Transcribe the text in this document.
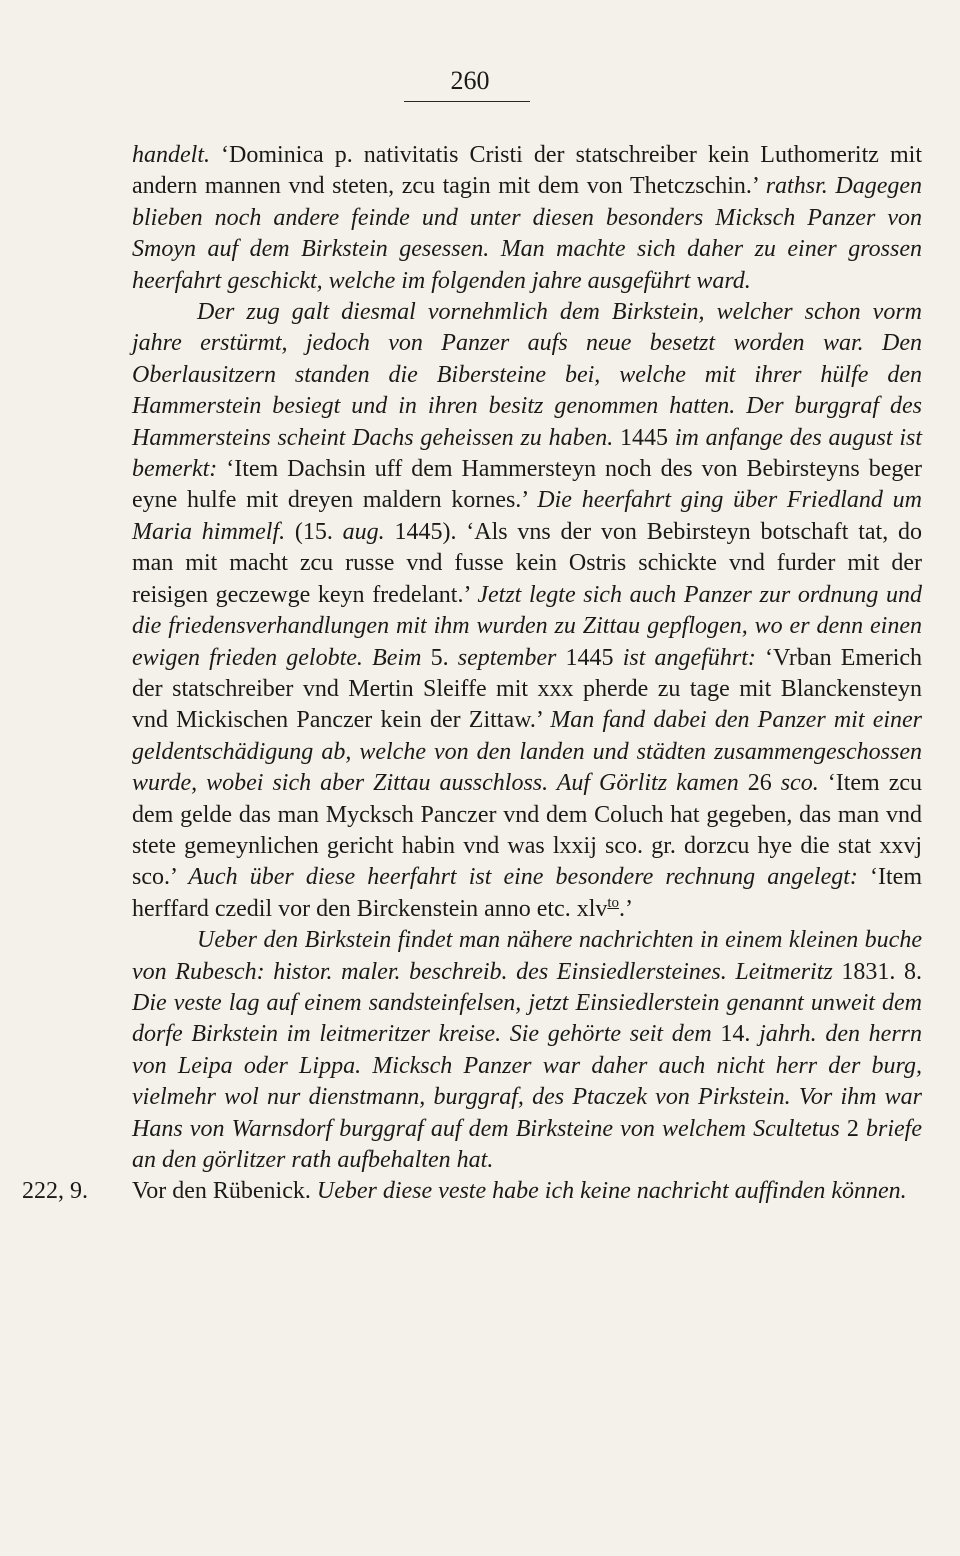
260

handelt. ‘Dominica p. nativitatis Cristi der statschreiber kein Luthomeritz mit andern mannen vnd steten, zcu tagin mit dem von Thetczschin.’ rathsr. Dagegen blieben noch andere feinde und unter diesen besonders Micksch Panzer von Smoyn auf dem Birkstein gesessen. Man machte sich daher zu einer grossen heerfahrt geschickt, welche im folgenden jahre ausgeführt ward.

Der zug galt diesmal vornehmlich dem Birkstein, welcher schon vorm jahre erstürmt, jedoch von Panzer aufs neue besetzt worden war. Den Oberlausitzern standen die Bibersteine bei, welche mit ihrer hülfe den Hammerstein besiegt und in ihren besitz genommen hatten. Der burggraf des Hammersteins scheint Dachs geheissen zu haben. 1445 im anfange des august ist bemerkt: ‘Item Dachsin uff dem Hammersteyn noch des von Bebirsteyns beger eyne hulfe mit dreyen maldern kornes.’ Die heerfahrt ging über Friedland um Maria himmelf. (15. aug. 1445). ‘Als vns der von Bebirsteyn botschaft tat, do man mit macht zcu russe vnd fusse kein Ostris schickte vnd furder mit der reisigen geczewge keyn fredelant.’ Jetzt legte sich auch Panzer zur ordnung und die friedensverhandlungen mit ihm wurden zu Zittau gepflogen, wo er denn einen ewigen frieden gelobte. Beim 5. september 1445 ist angeführt: ‘Vrban Emerich der statschreiber vnd Mertin Sleiffe mit xxx pherde zu tage mit Blanckensteyn vnd Mickischen Panczer kein der Zittaw.’ Man fand dabei den Panzer mit einer geldentschädigung ab, welche von den landen und städten zusammengeschossen wurde, wobei sich aber Zittau ausschloss. Auf Görlitz kamen 26 sco. ‘Item zcu dem gelde das man Mycksch Panczer vnd dem Coluch hat gegeben, das man vnd stete gemeynlichen gericht habin vnd was lxxij sco. gr. dorzcu hye die stat xxvj sco.’ Auch über diese heerfahrt ist eine besondere rechnung angelegt: ‘Item herffard czedil vor den Birckenstein anno etc. xlv$^{to}$.’

Ueber den Birkstein findet man nähere nachrichten in einem kleinen buche von Rubesch: histor. maler. beschreib. des Einsiedlersteines. Leitmeritz 1831. 8. Die veste lag auf einem sandsteinfelsen, jetzt Einsiedlerstein genannt unweit dem dorfe Birkstein im leitmeritzer kreise. Sie gehörte seit dem 14. jahrh. den herrn von Leipa oder Lippa. Micksch Panzer war daher auch nicht herr der burg, vielmehr wol nur dienstmann, burggraf, des Ptaczek von Pirkstein. Vor ihm war Hans von Warnsdorf burggraf auf dem Birksteine von welchem Scultetus 2 briefe an den görlitzer rath aufbehalten hat.

222, 9. Vor den Rübenick. Ueber diese veste habe ich keine nachricht auffinden können.
